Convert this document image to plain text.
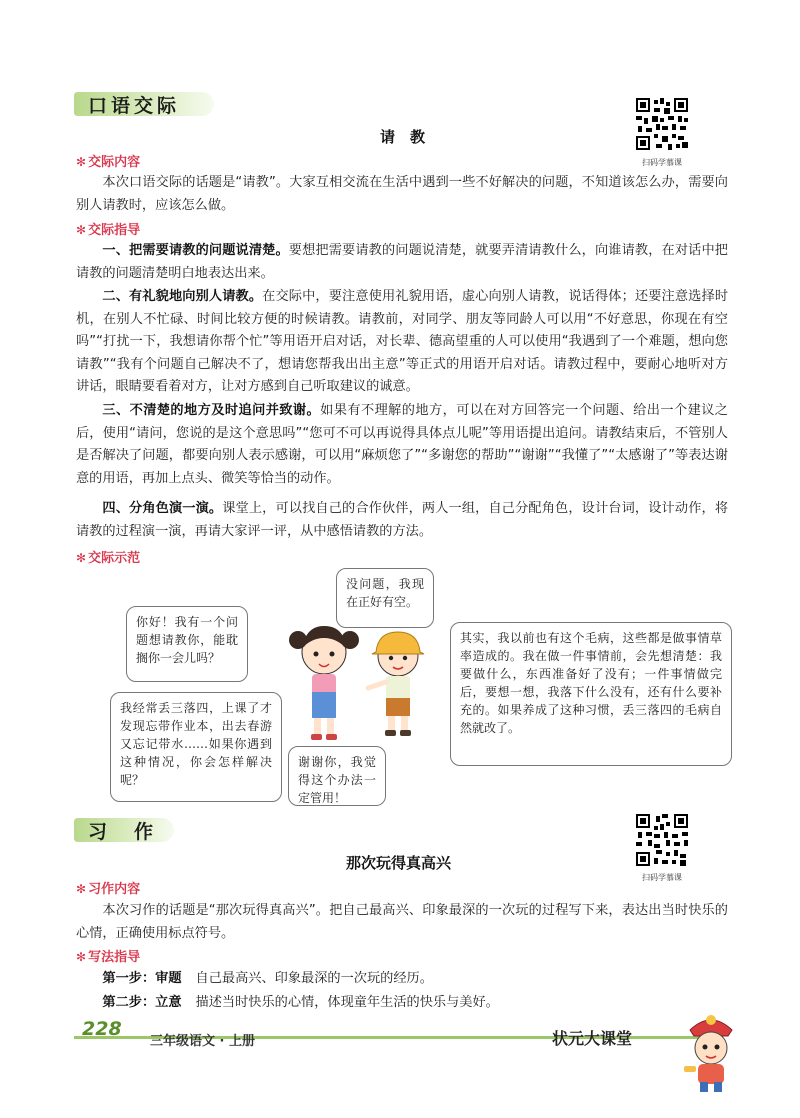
口语交际
扫码学慕课
请　教
✻ 交际内容
本次口语交际的话题是“请教”。大家互相交流在生活中遇到一些不好解决的问题，不知道该怎么办，需要向别人请教时，应该怎么做。
✻ 交际指导
一、把需要请教的问题说清楚。要想把需要请教的问题说清楚，就要弄清请教什么，向谁请教，在对话中把请教的问题清楚明白地表达出来。
二、有礼貌地向别人请教。在交际中，要注意使用礼貌用语，虚心向别人请教，说话得体；还要注意选择时机，在别人不忙碌、时间比较方便的时候请教。请教前，对同学、朋友等同龄人可以用“不好意思，你现在有空吗”“打扰一下，我想请你帮个忙”等用语开启对话，对长辈、德高望重的人可以使用“我遇到了一个难题，想向您请教”“我有个问题自己解决不了，想请您帮我出出主意”等正式的用语开启对话。请教过程中，要耐心地听对方讲话，眼睛要看着对方，让对方感到自己听取建议的诚意。
三、不清楚的地方及时追问并致谢。如果有不理解的地方，可以在对方回答完一个问题、给出一个建议之后，使用“请问，您说的是这个意思吗”“您可不可以再说得具体点儿呢”等用语提出追问。请教结束后，不管别人是否解决了问题，都要向别人表示感谢，可以用“麻烦您了”“多谢您的帮助”“谢谢”“我懂了”“太感谢了”等表达谢意的用语，再加上点头、微笑等恰当的动作。
四、分角色演一演。课堂上，可以找自己的合作伙伴，两人一组，自己分配角色，设计台词，设计动作，将请教的过程演一演，再请大家评一评，从中感悟请教的方法。
✻ 交际示范
你好！我有一个问题想请教你，能耽搁你一会儿吗？
没问题，我现在正好有空。
其实，我以前也有这个毛病，这些都是做事情草率造成的。我在做一件事情前，会先想清楚：我要做什么，东西准备好了没有；一件事情做完后，要想一想，我落下什么没有，还有什么要补充的。如果养成了这种习惯，丢三落四的毛病自然就改了。
我经常丢三落四，上课了才发现忘带作业本，出去春游又忘记带水……如果你遇到这种情况，你会怎样解决呢？
谢谢你，我觉得这个办法一定管用！
习　作
扫码学慕课
那次玩得真高兴
✻ 习作内容
本次习作的话题是“那次玩得真高兴”。把自己最高兴、印象最深的一次玩的过程写下来，表达出当时快乐的心情，正确使用标点符号。
✻ 写法指导
第一步：审题 自己最高兴、印象最深的一次玩的经历。
第二步：立意 描述当时快乐的心情，体现童年生活的快乐与美好。
228
三年级语文 · 上册	状元大课堂
